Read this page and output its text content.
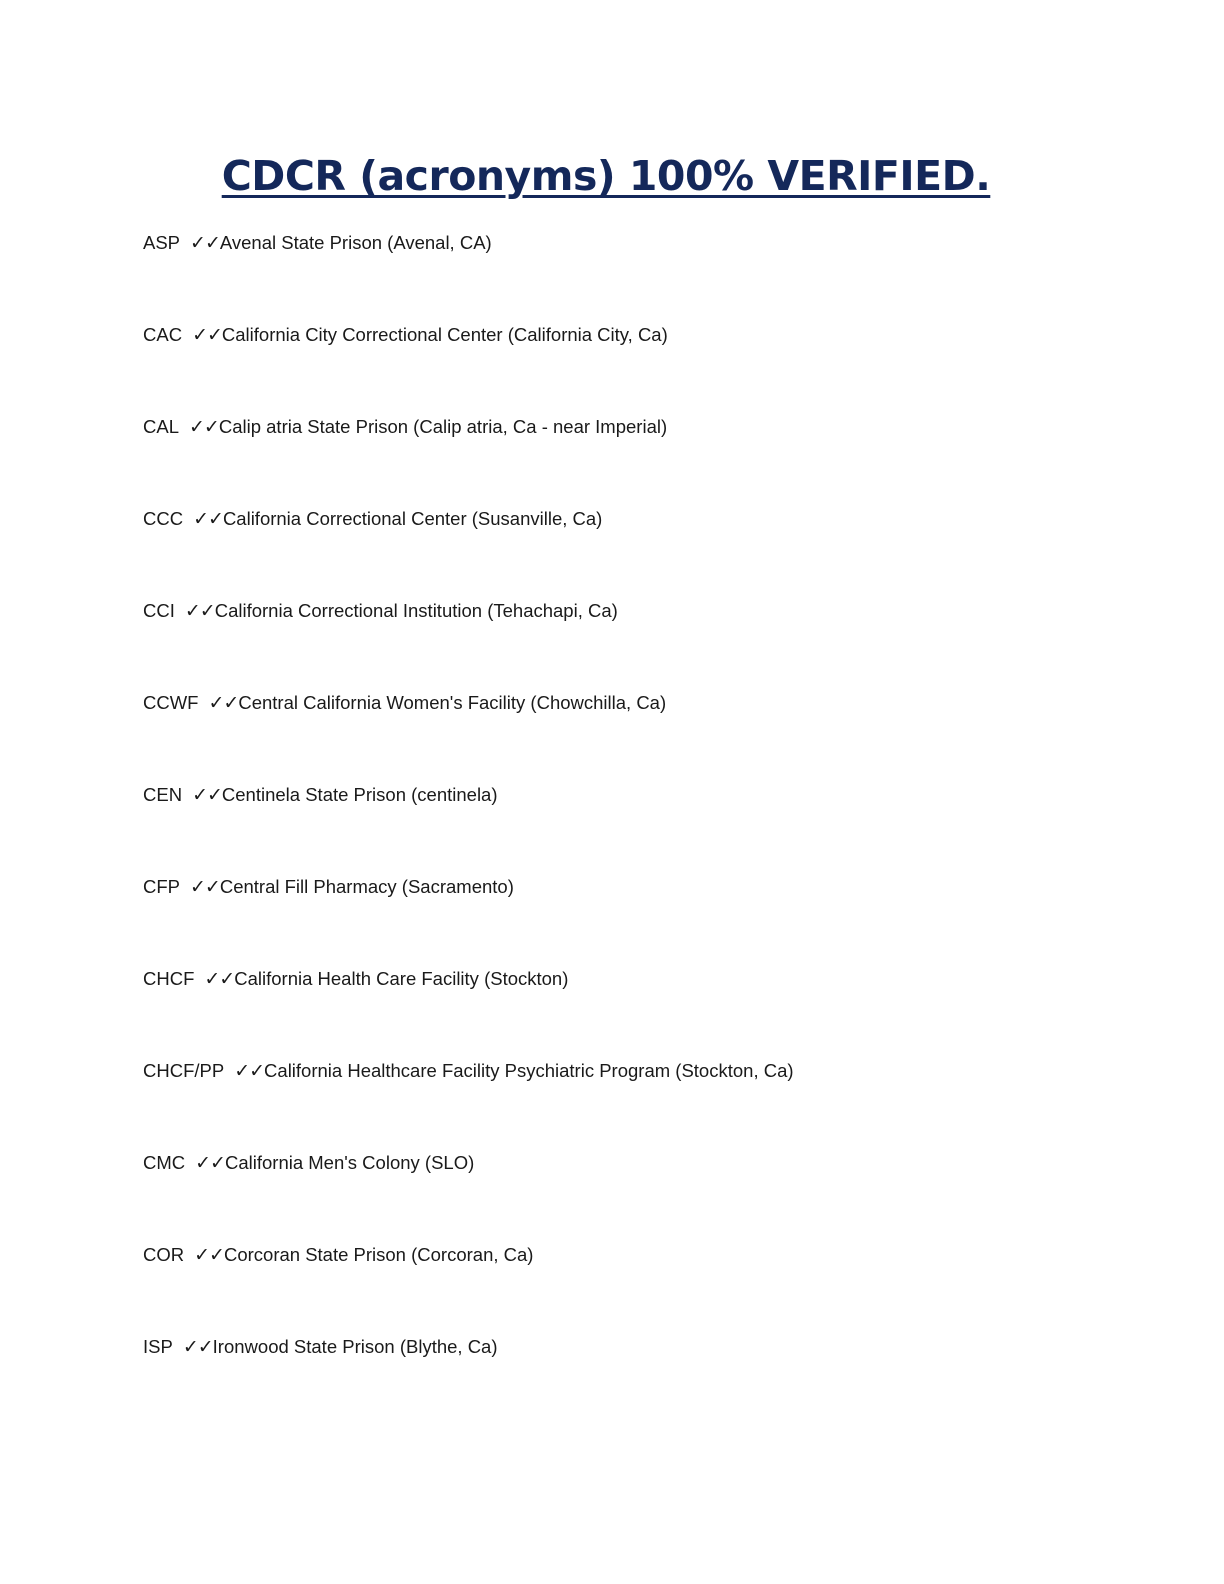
CDCR (acronyms) 100% VERIFIED.
ASP ✓✓Avenal State Prison (Avenal, CA)
CAC ✓✓California City Correctional Center (California City, Ca)
CAL ✓✓Calip atria State Prison (Calip atria, Ca - near Imperial)
CCC ✓✓California Correctional Center (Susanville, Ca)
CCI ✓✓California Correctional Institution (Tehachapi, Ca)
CCWF ✓✓Central California Women's Facility (Chowchilla, Ca)
CEN ✓✓Centinela State Prison (centinela)
CFP ✓✓Central Fill Pharmacy (Sacramento)
CHCF ✓✓California Health Care Facility (Stockton)
CHCF/PP ✓✓California Healthcare Facility Psychiatric Program (Stockton, Ca)
CMC ✓✓California Men's Colony (SLO)
COR ✓✓Corcoran State Prison (Corcoran, Ca)
ISP ✓✓Ironwood State Prison (Blythe, Ca)
